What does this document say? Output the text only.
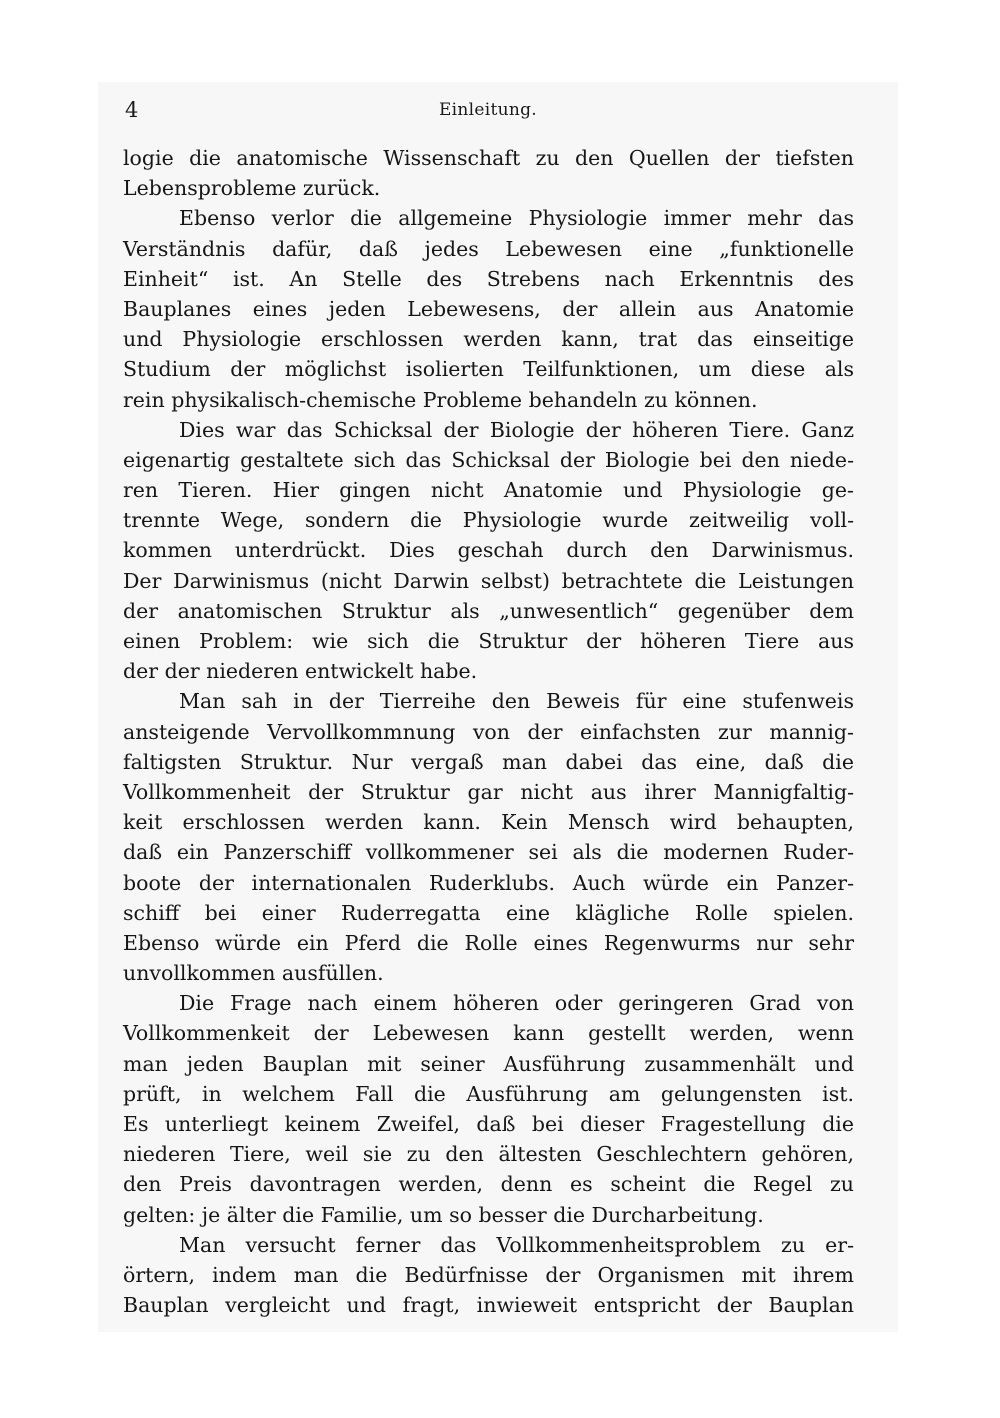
4	Einleitung.
logie die anatomische Wissenschaft zu den Quellen der tiefsten
Lebensprobleme zurück.
Ebenso verlor die allgemeine Physiologie immer mehr das
Verständnis dafür, daß jedes Lebewesen eine „funktionelle
Einheit“ ist. An Stelle des Strebens nach Erkenntnis des
Bauplanes eines jeden Lebewesens, der allein aus Anatomie
und Physiologie erschlossen werden kann, trat das einseitige
Studium der möglichst isolierten Teilfunktionen, um diese als
rein physikalisch-chemische Probleme behandeln zu können.
Dies war das Schicksal der Biologie der höheren Tiere. Ganz
eigenartig gestaltete sich das Schicksal der Biologie bei den niede-
ren Tieren. Hier gingen nicht Anatomie und Physiologie ge-
trennte Wege, sondern die Physiologie wurde zeitweilig voll-
kommen unterdrückt. Dies geschah durch den Darwinismus.
Der Darwinismus (nicht Darwin selbst) betrachtete die Leistungen
der anatomischen Struktur als „unwesentlich“ gegenüber dem
einen Problem: wie sich die Struktur der höheren Tiere aus
der der niederen entwickelt habe.
Man sah in der Tierreihe den Beweis für eine stufenweis
ansteigende Vervollkommnung von der einfachsten zur mannig-
faltigsten Struktur. Nur vergaß man dabei das eine, daß die
Vollkommenheit der Struktur gar nicht aus ihrer Mannigfaltig-
keit erschlossen werden kann. Kein Mensch wird behaupten,
daß ein Panzerschiff vollkommener sei als die modernen Ruder-
boote der internationalen Ruderklubs. Auch würde ein Panzer-
schiff bei einer Ruderregatta eine klägliche Rolle spielen.
Ebenso würde ein Pferd die Rolle eines Regenwurms nur sehr
unvollkommen ausfüllen.
Die Frage nach einem höheren oder geringeren Grad von
Vollkommenkeit der Lebewesen kann gestellt werden, wenn
man jeden Bauplan mit seiner Ausführung zusammenhält und
prüft, in welchem Fall die Ausführung am gelungensten ist.
Es unterliegt keinem Zweifel, daß bei dieser Fragestellung die
niederen Tiere, weil sie zu den ältesten Geschlechtern gehören,
den Preis davontragen werden, denn es scheint die Regel zu
gelten: je älter die Familie, um so besser die Durcharbeitung.
Man versucht ferner das Vollkommenheitsproblem zu er-
örtern, indem man die Bedürfnisse der Organismen mit ihrem
Bauplan vergleicht und fragt, inwieweit entspricht der Bauplan
